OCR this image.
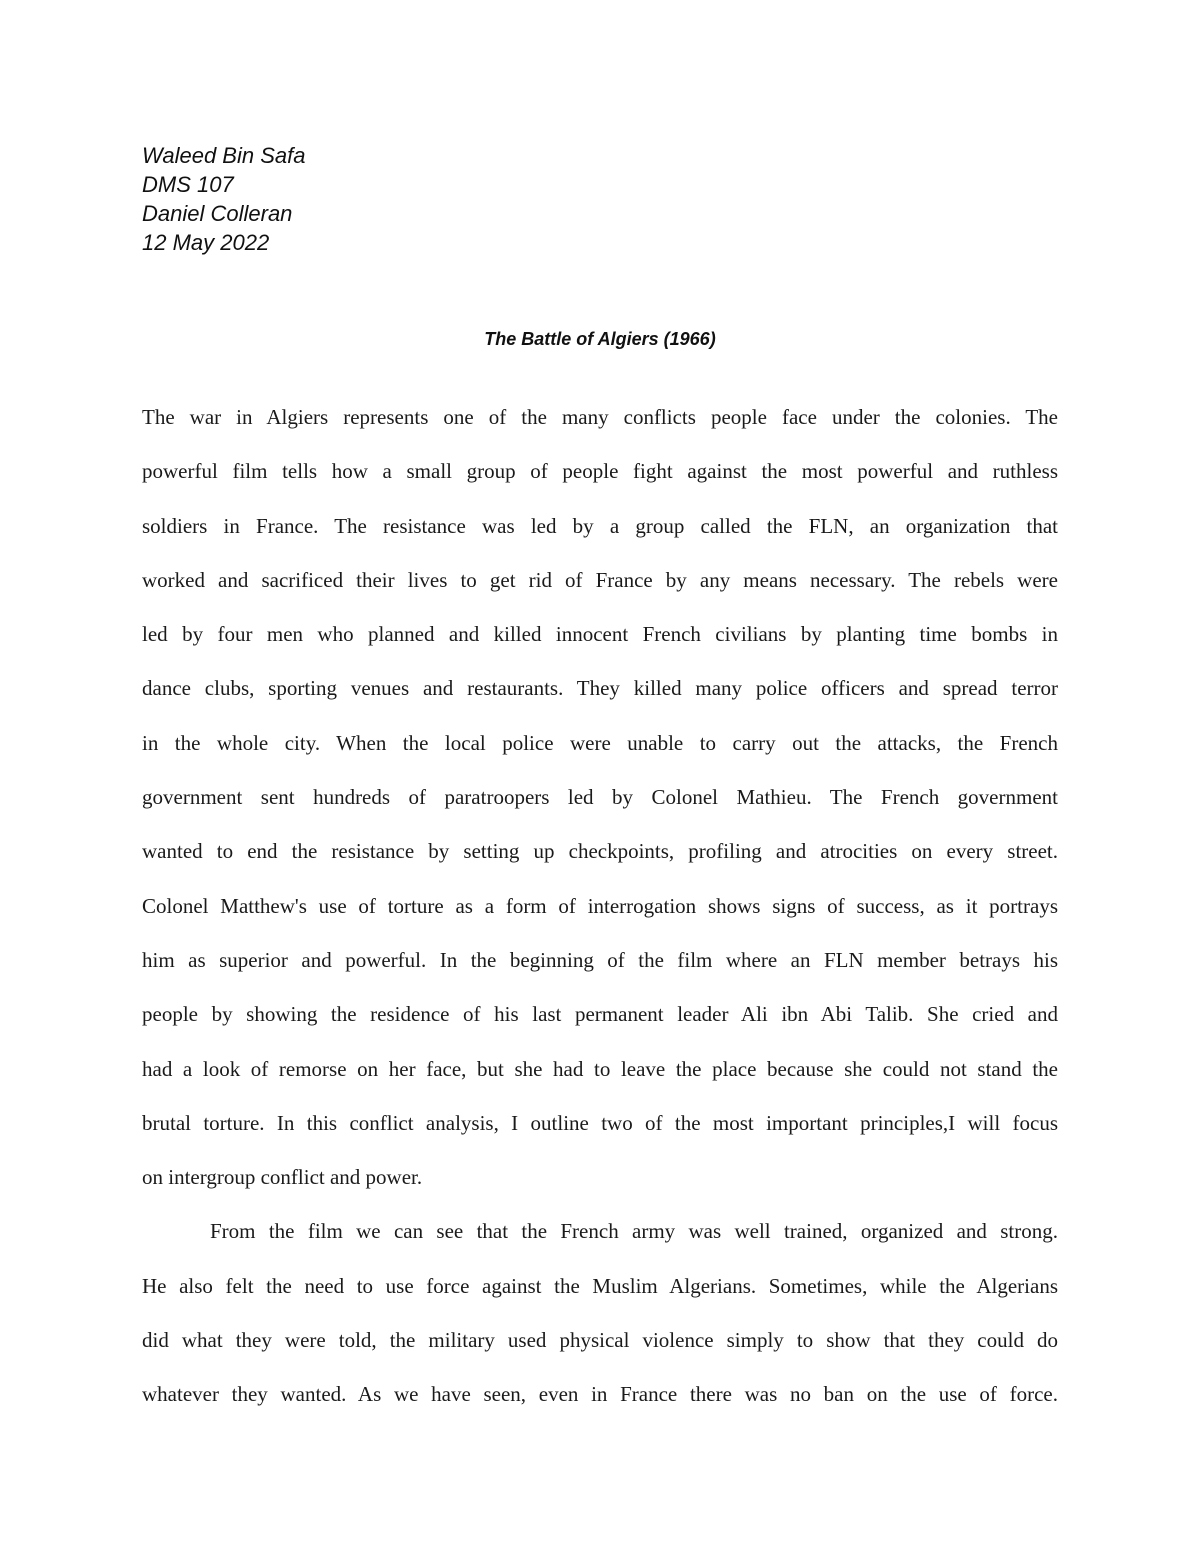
Waleed Bin Safa
DMS 107
Daniel Colleran
12 May 2022
The Battle of Algiers (1966)
The war in Algiers represents one of the many conflicts people face under the colonies. The
powerful film tells how a small group of people fight against the most powerful and ruthless
soldiers in France. The resistance was led by a group called the FLN, an organization that
worked and sacrificed their lives to get rid of France by any means necessary. The rebels were
led by four men who planned and killed innocent French civilians by planting time bombs in
dance clubs, sporting venues and restaurants. They killed many police officers and spread terror
in the whole city. When the local police were unable to carry out the attacks, the French
government sent hundreds of paratroopers led by Colonel Mathieu. The French government
wanted to end the resistance by setting up checkpoints, profiling and atrocities on every street.
Colonel Matthew's use of torture as a form of interrogation shows signs of success, as it portrays
him as superior and powerful. In the beginning of the film where an FLN member betrays his
people by showing the residence of his last permanent leader Ali ibn Abi Talib. She cried and
had a look of remorse on her face, but she had to leave the place because she could not stand the
brutal torture. In this conflict analysis, I outline two of the most important principles,I will focus
on intergroup conflict and power.
From the film we can see that the French army was well trained, organized and strong.
He also felt the need to use force against the Muslim Algerians. Sometimes, while the Algerians
did what they were told, the military used physical violence simply to show that they could do
whatever they wanted. As we have seen, even in France there was no ban on the use of force.
